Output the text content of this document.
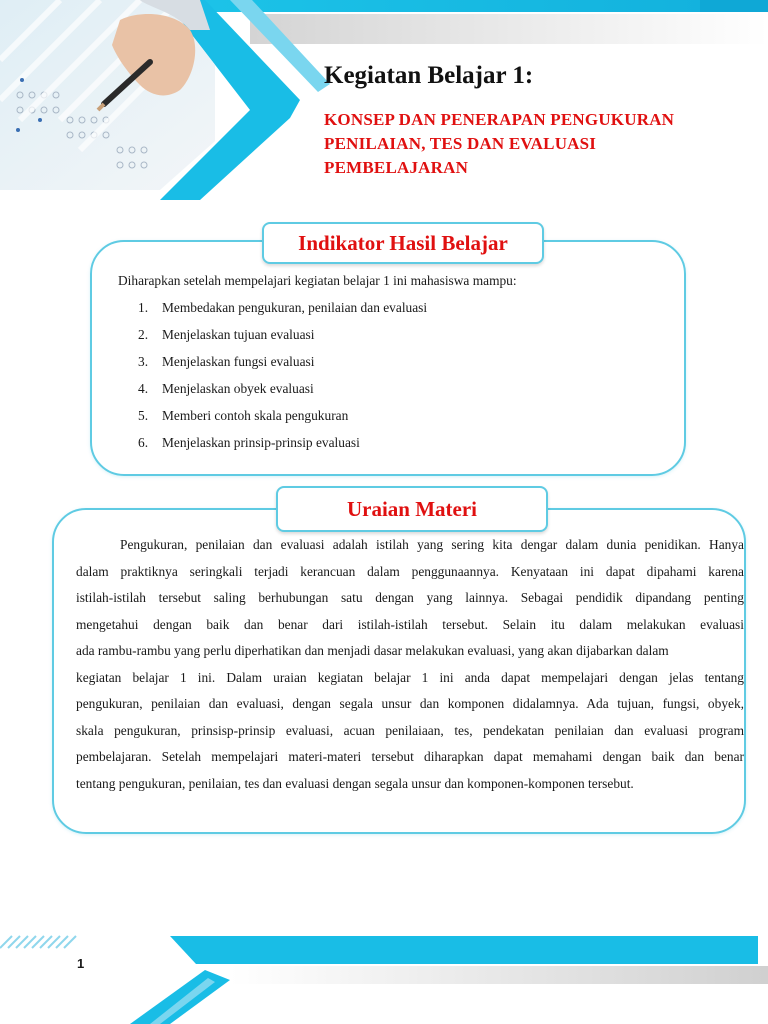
Kegiatan Belajar 1:
KONSEP DAN PENERAPAN PENGUKURAN
PENILAIAN, TES DAN EVALUASI
PEMBELAJARAN
Indikator Hasil Belajar
Diharapkan setelah mempelajari kegiatan belajar 1 ini mahasiswa mampu:
1.	Membedakan pengukuran, penilaian dan evaluasi
2.	Menjelaskan tujuan evaluasi
3.	Menjelaskan fungsi evaluasi
4.	Menjelaskan obyek evaluasi
5.	Memberi contoh skala pengukuran
6.	Menjelaskan prinsip-prinsip evaluasi
Uraian Materi
Pengukuran, penilaian dan evaluasi adalah istilah yang sering kita dengar dalam dunia penidikan. Hanya
dalam praktiknya seringkali terjadi kerancuan dalam penggunaannya. Kenyataan ini dapat dipahami karena
istilah-istilah tersebut saling berhubungan satu dengan yang lainnya. Sebagai pendidik dipandang penting
mengetahui dengan baik dan benar dari istilah-istilah tersebut. Selain itu dalam melakukan evaluasi
ada rambu-rambu yang perlu diperhatikan dan menjadi dasar melakukan evaluasi, yang akan dijabarkan dalam
kegiatan belajar 1 ini. Dalam uraian kegiatan belajar 1 ini anda dapat mempelajari dengan jelas tentang
pengukuran, penilaian dan evaluasi, dengan segala unsur dan komponen didalamnya. Ada tujuan, fungsi, obyek,
skala pengukuran, prinsisp-prinsip evaluasi, acuan penilaiaan, tes, pendekatan penilaian dan evaluasi program
pembelajaran. Setelah mempelajari materi-materi tersebut diharapkan dapat memahami dengan baik dan benar
tentang pengukuran, penilaian, tes dan evaluasi dengan segala unsur dan komponen-komponen tersebut.
1
